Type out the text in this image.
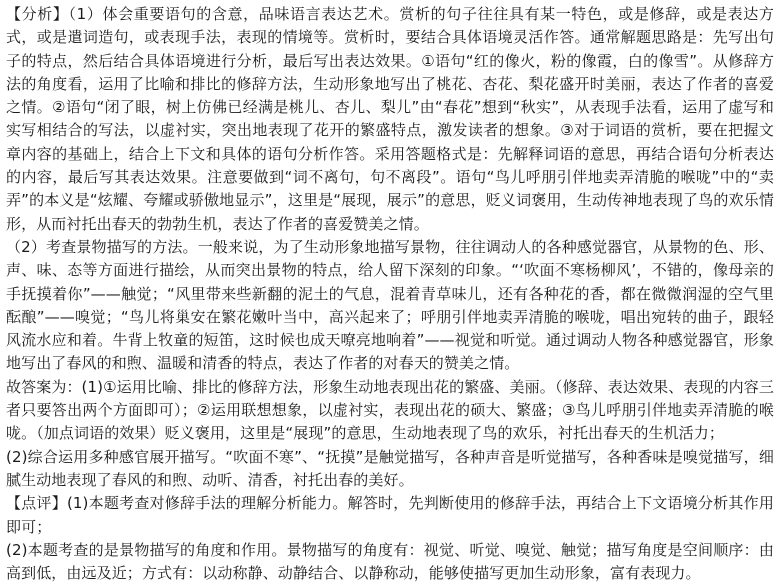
【分析】（1）体会重要语句的含意，品味语言表达艺术。赏析的句子往往具有某一特色，或是修辞，或是表达方式，或是遣词造句，或表现手法，表现的情境等。赏析时，要结合具体语境灵活作答。通常解题思路是：先写出句子的特点，然后结合具体语境进行分析，最后写出表达效果。①语句“红的像火，粉的像霞，白的像雪”。从修辞方法的角度看，运用了比喻和排比的修辞方法，生动形象地写出了桃花、杏花、梨花盛开时美丽，表达了作者的喜爱之情。②语句“闭了眼，树上仿佛已经满是桃儿、杏儿、梨儿”由“春花”想到“秋实”，从表现手法看，运用了虚写和实写相结合的写法，以虚衬实，突出地表现了花开的繁盛特点，激发读者的想象。③对于词语的赏析，要在把握文章内容的基础上，结合上下文和具体的语句分析作答。采用答题格式是：先解释词语的意思，再结合语句分析表达的内容，最后写其表达效果。注意要做到“词不离句，句不离段”。语句“鸟儿呼朋引伴地卖弄清脆的喉咙”中的“卖弄”的本义是“炫耀、夸耀或骄傲地显示”，这里是“展现，展示”的意思，贬义词褒用，生动传神地表现了鸟的欢乐情形，从而衬托出春天的勃勃生机，表达了作者的喜爱赞美之情。

（2）考查景物描写的方法。一般来说，为了生动形象地描写景物，往往调动人的各种感觉器官，从景物的色、形、声、味、态等方面进行描绘，从而突出景物的特点，给人留下深刻的印象。“‘吹面不寒杨柳风’，不错的，像母亲的手抚摸着你”——触觉；“风里带来些新翻的泥土的气息，混着青草味儿，还有各种花的香，都在微微润湿的空气里酝酿”——嗅觉；“鸟儿将巢安在繁花嫩叶当中，高兴起来了；呼朋引伴地卖弄清脆的喉咙，唱出宛转的曲子，跟轻风流水应和着。牛背上牧童的短笛，这时候也成天嘹亮地响着”——视觉和听觉。通过调动人物各种感觉器官，形象地写出了春风的和煦、温暖和清香的特点，表达了作者的对春天的赞美之情。

故答案为：(1)①运用比喻、排比的修辞方法，形象生动地表现出花的繁盛、美丽。（修辞、表达效果、表现的内容三者只要答出两个方面即可）；②运用联想想象，以虚衬实，表现出花的硕大、繁盛；③鸟儿呼朋引伴地卖弄清脆的喉咙。（加点词语的效果）贬义褒用，这里是“展现”的意思，生动地表现了鸟的欢乐，衬托出春天的生机活力；

(2)综合运用多种感官展开描写。“吹面不寒”、“抚摸”是触觉描写，各种声音是听觉描写，各种香味是嗅觉描写，细腻生动地表现了春风的和煦、动听、清香，衬托出春的美好。

【点评】(1)本题考查对修辞手法的理解分析能力。解答时，先判断使用的修辞手法，再结合上下文语境分析其作用即可；

(2)本题考查的是景物描写的角度和作用。景物描写的角度有：视觉、听觉、嗅觉、触觉；描写角度是空间顺序：由高到低，由远及近；方式有：以动称静、动静结合、以静称动，能够使描写更加生动形象，富有表现力。
